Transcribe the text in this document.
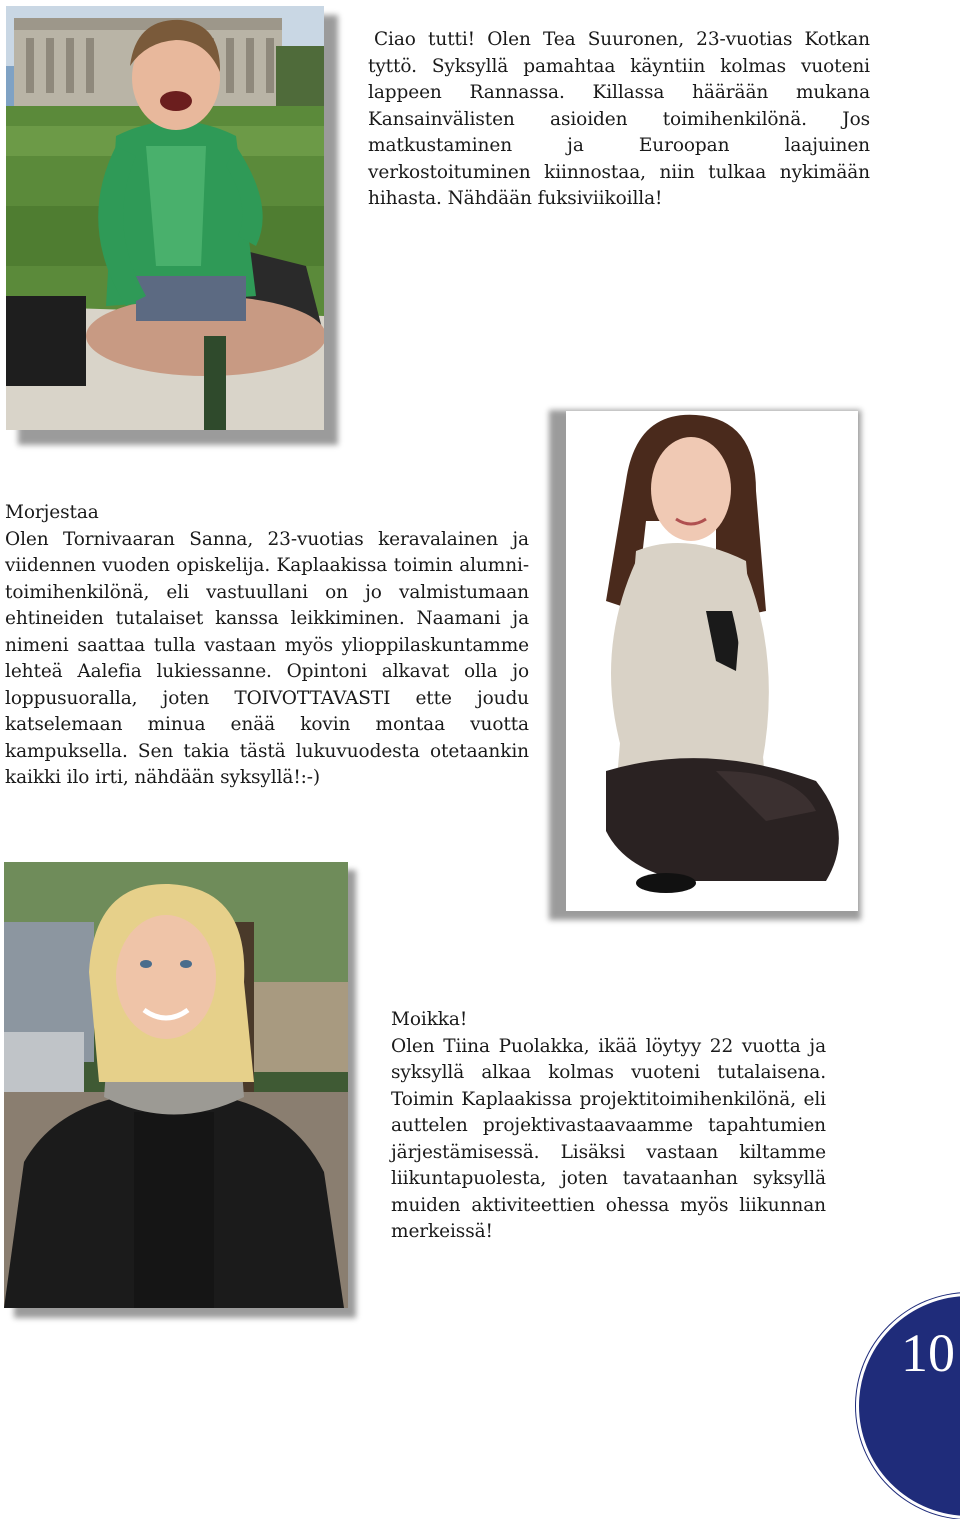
Ciao tutti! Olen Tea Suuronen, 23-vuotias Kotkan tyttö. Syksyllä pamahtaa käyntiin kolmas vuoteni lappeen Rannassa. Killassa häärään mukana Kansainvälisten asioiden toimihenkilönä. Jos matkustaminen ja Euroopan laajuinen verkostoituminen kiinnostaa, niin tulkaa nykimään hihasta. Nähdään fuksiviikoilla!

Morjestaa

Olen Tornivaaran Sanna, 23-vuotias keravalainen ja viidennen vuoden opiskelija. Kaplaakissa toimin alumni-toimihenkilönä, eli vastuullani on jo valmistumaan ehtineiden tutalaiset kanssa leikkiminen. Naamani ja nimeni saattaa tulla vastaan myös ylioppilaskuntamme lehteä Aalefia lukiessanne. Opintoni alkavat olla jo loppusuoralla, joten TOIVOTTAVASTI ette joudu katselemaan minua enää kovin montaa vuotta kampuksella. Sen takia tästä lukuvuodesta otetaankin kaikki ilo irti, nähdään syksyllä!:-)

Moikka!

Olen Tiina Puolakka, ikää löytyy 22 vuotta ja syksyllä alkaa kolmas vuoteni tutalaisena. Toimin Kaplaakissa projektitoimihenkilönä, eli auttelen projektivastaavaamme tapahtumien järjestämisessä. Lisäksi vastaan kiltamme liikuntapuolesta, joten tavataanhan syksyllä muiden aktiviteettien ohessa myös liikunnan merkeissä!

10
